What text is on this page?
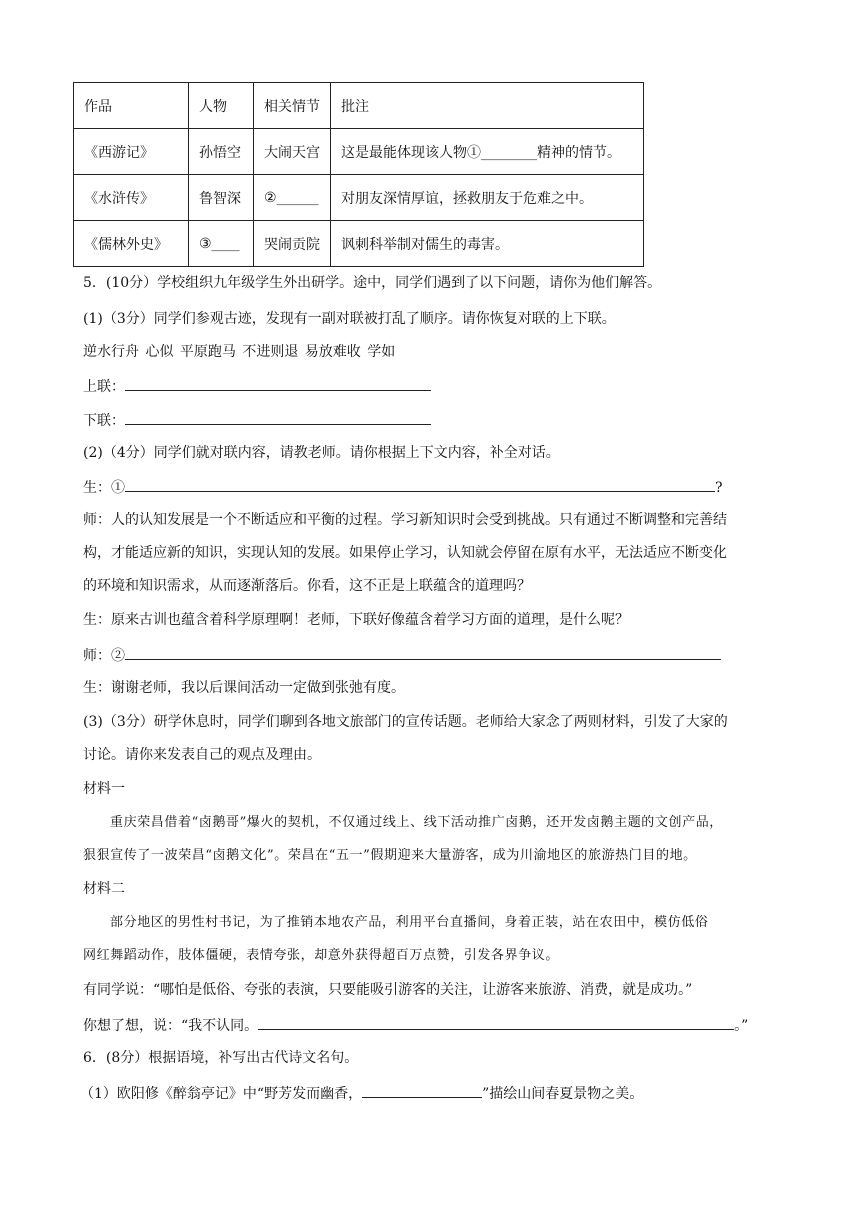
作品	人物	相关情节	批注
《西游记》	孙悟空	大闹天宫	这是最能体现该人物①________精神的情节。
《水浒传》	鲁智深	②______	对朋友深情厚谊，拯救朋友于危难之中。
《儒林外史》	③____	哭闹贡院	讽刺科举制对儒生的毒害。
5．(10分）学校组织九年级学生外出研学。途中，同学们遇到了以下问题，请你为他们解答。
(1)（3分）同学们参观古迹，发现有一副对联被打乱了顺序。请你恢复对联的上下联。
逆水行舟 心似 平原跑马 不进则退 易放难收 学如
上联：
下联：
(2)（4分）同学们就对联内容，请教老师。请你根据上下文内容，补全对话。
生：①	?
师：人的认知发展是一个不断适应和平衡的过程。学习新知识时会受到挑战。只有通过不断调整和完善结
构，才能适应新的知识，实现认知的发展。如果停止学习，认知就会停留在原有水平，无法适应不断变化
的环境和知识需求，从而逐渐落后。你看，这不正是上联蕴含的道理吗？
生：原来古训也蕴含着科学原理啊！老师，下联好像蕴含着学习方面的道理，是什么呢？
师：②
生：谢谢老师，我以后课间活动一定做到张弛有度。
(3)（3分）研学休息时，同学们聊到各地文旅部门的宣传话题。老师给大家念了两则材料，引发了大家的
讨论。请你来发表自己的观点及理由。
材料一
重庆荣昌借着“卤鹅哥”爆火的契机，不仅通过线上、线下活动推广卤鹅，还开发卤鹅主题的文创产品，
狠狠宣传了一波荣昌“卤鹅文化”。荣昌在“五一”假期迎来大量游客，成为川渝地区的旅游热门目的地。
材料二
部分地区的男性村书记，为了推销本地农产品，利用平台直播间，身着正装，站在农田中，模仿低俗
网红舞蹈动作，肢体僵硬，表情夸张，却意外获得超百万点赞，引发各界争议。
有同学说：“哪怕是低俗、夸张的表演，只要能吸引游客的关注，让游客来旅游、消费，就是成功。”
你想了想，说：“我不认同。	。”
6．(8分）根据语境，补写出古代诗文名句。
（1）欧阳修《醉翁亭记》中“野芳发而幽香，	”描绘山间春夏景物之美。
